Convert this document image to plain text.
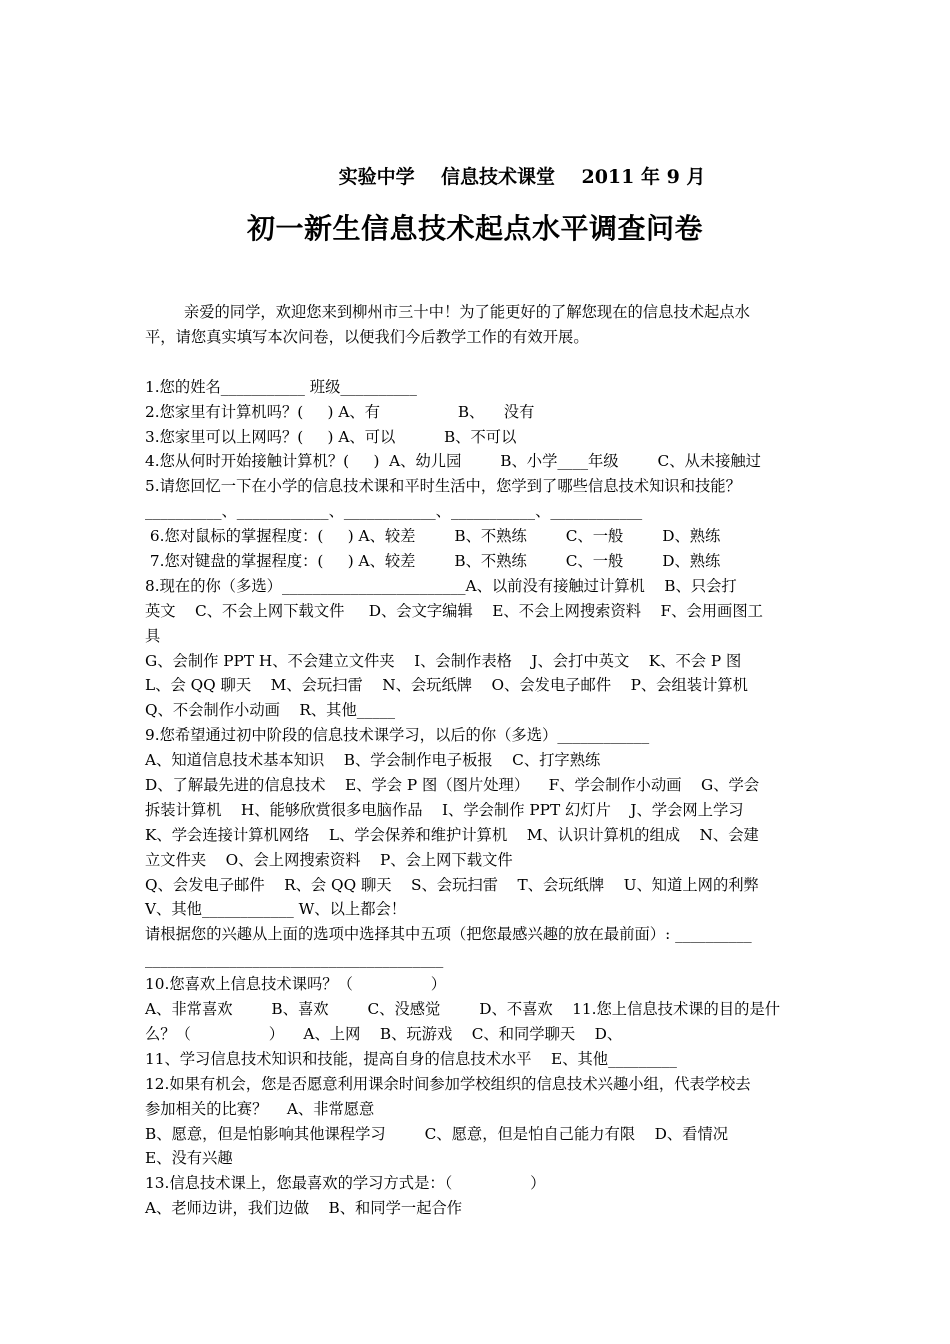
实验中学    信息技术课堂    2011 年 9 月
初一新生信息技术起点水平调查问卷
亲爱的同学，欢迎您来到柳州市三十中！为了能更好的了解您现在的信息技术起点水
平，请您真实填写本次问卷，以便我们今后教学工作的有效开展。
1.您的姓名___________ 班级__________
2.您家里有计算机吗？(     ) A、有                B、    没有
3.您家里可以上网吗？(     ) A、可以          B、不可以
4.您从何时开始接触计算机？(     )  A、幼儿园        B、小学____年级        C、从未接触过
5.请您回忆一下在小学的信息技术课和平时生活中，您学到了哪些信息技术知识和技能？
__________、____________、____________、___________、____________
6.您对鼠标的掌握程度：(     ) A、较差        B、不熟练        C、一般        D、熟练
7.您对键盘的掌握程度：(     ) A、较差        B、不熟练        C、一般        D、熟练
8.现在的你（多选）________________________A、以前没有接触过计算机    B、只会打
英文    C、不会上网下载文件     D、会文字编辑    E、不会上网搜索资料    F、会用画图工
具
G、会制作 PPT H、不会建立文件夹    I、会制作表格    J、会打中英文    K、不会 P 图
L、会 QQ 聊天    M、会玩扫雷    N、会玩纸牌    O、会发电子邮件    P、会组装计算机
Q、不会制作小动画    R、其他_____
9.您希望通过初中阶段的信息技术课学习，以后的你（多选）____________
A、知道信息技术基本知识    B、学会制作电子板报    C、打字熟练
D、了解最先进的信息技术    E、学会 P 图（图片处理）    F、学会制作小动画    G、学会
拆装计算机    H、能够欣赏很多电脑作品    I、学会制作 PPT 幻灯片    J、学会网上学习
K、学会连接计算机网络    L、学会保养和维护计算机    M、认识计算机的组成    N、会建
立文件夹    O、会上网搜索资料    P、会上网下载文件
Q、会发电子邮件    R、会 QQ 聊天    S、会玩扫雷    T、会玩纸牌    U、知道上网的利弊
V、其他____________ W、以上都会！
请根据您的兴趣从上面的选项中选择其中五项（把您最感兴趣的放在最前面）: __________
_______________________________________
10.您喜欢上信息技术课吗？（                ）
A、非常喜欢        B、喜欢        C、没感觉        D、不喜欢    11.您上信息技术课的目的是什
么？（                ）    A、上网    B、玩游戏    C、和同学聊天    D、
11、学习信息技术知识和技能，提高自身的信息技术水平    E、其他_________
12.如果有机会，您是否愿意利用课余时间参加学校组织的信息技术兴趣小组，代表学校去
参加相关的比赛？    A、非常愿意
B、愿意，但是怕影响其他课程学习        C、愿意，但是怕自己能力有限    D、看情况
E、没有兴趣
13.信息技术课上，您最喜欢的学习方式是：（                ）
A、老师边讲，我们边做    B、和同学一起合作
